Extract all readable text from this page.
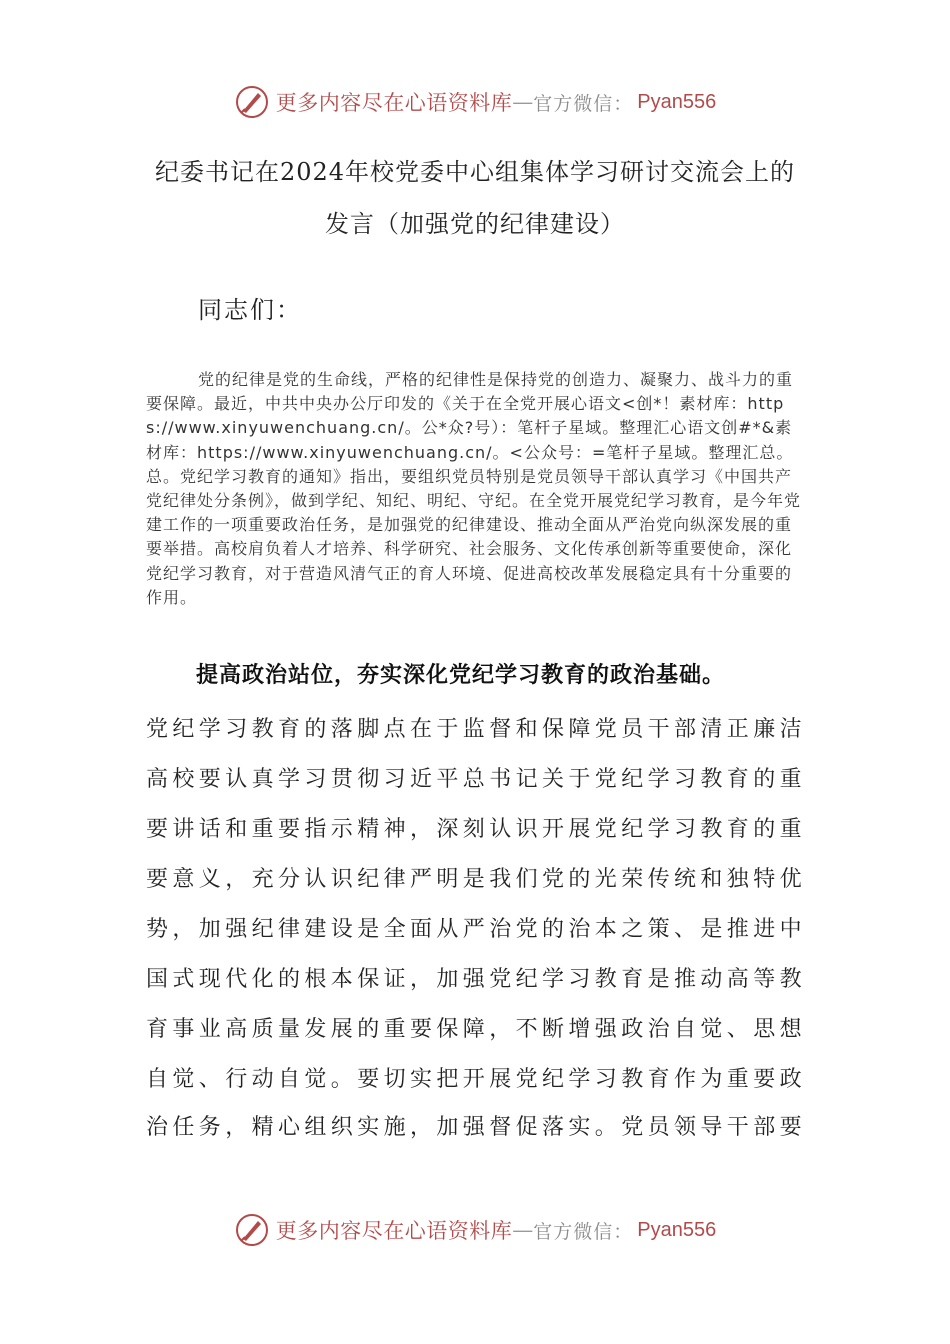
更多内容尽在心语资料库 — 官方微信： Pyan556
纪委书记在2024年校党委中心组集体学习研讨交流会上的
发言（加强党的纪律建设）
同志们：
党的纪律是党的生命线，严格的纪律性是保持党的创造力、凝聚力、战斗力的重要保障。最近，中共中央办公厅印发的《关于在全党开展心语文<创*！素材库：https://www.xinyuwenchuang.cn/。公*众?号）：笔杆子星域。整理汇心语文创#*&素材库：https://www.xinyuwenchuang.cn/。<公众号：=笔杆子星域。整理汇总。总。党纪学习教育的通知》指出，要组织党员特别是党员领导干部认真学习《中国共产党纪律处分条例》，做到学纪、知纪、明纪、守纪。在全党开展党纪学习教育，是今年党建工作的一项重要政治任务，是加强党的纪律建设、推动全面从严治党向纵深发展的重要举措。高校肩负着人才培养、科学研究、社会服务、文化传承创新等重要使命，深化党纪学习教育，对于营造风清气正的育人环境、促进高校改革发展稳定具有十分重要的作用。
提高政治站位，夯实深化党纪学习教育的政治基础。
党纪学习教育的落脚点在于监督和保障党员干部清正廉洁
高校要认真学习贯彻习近平总书记关于党纪学习教育的重
要讲话和重要指示精神，深刻认识开展党纪学习教育的重
要意义，充分认识纪律严明是我们党的光荣传统和独特优
势，加强纪律建设是全面从严治党的治本之策、是推进中
国式现代化的根本保证，加强党纪学习教育是推动高等教
育事业高质量发展的重要保障，不断增强政治自觉、思想
自觉、行动自觉。要切实把开展党纪学习教育作为重要政
治任务，精心组织实施，加强督促落实。党员领导干部要
更多内容尽在心语资料库 — 官方微信： Pyan556
